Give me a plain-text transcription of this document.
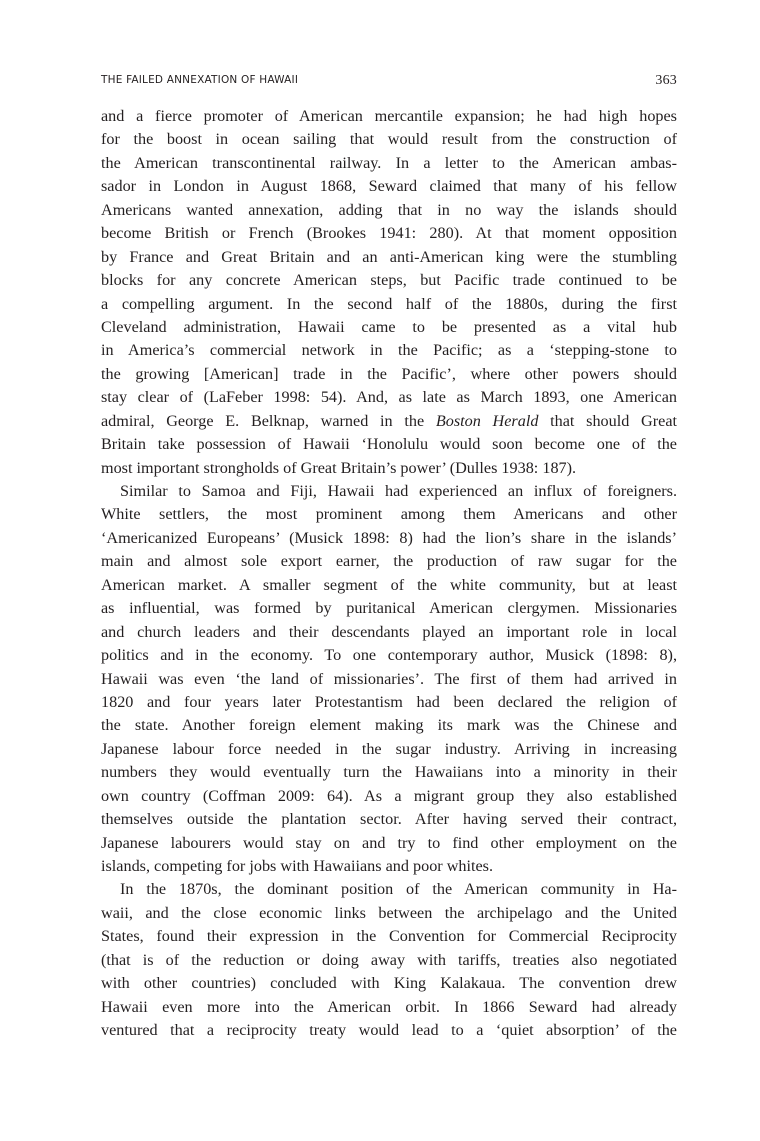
THE FAILED ANNEXATION OF HAWAII	363
and a fierce promoter of American mercantile expansion; he had high hopes
for the boost in ocean sailing that would result from the construction of
the American transcontinental railway. In a letter to the American ambas-
sador in London in August 1868, Seward claimed that many of his fellow
Americans wanted annexation, adding that in no way the islands should
become British or French (Brookes 1941: 280). At that moment opposition
by France and Great Britain and an anti-American king were the stumbling
blocks for any concrete American steps, but Pacific trade continued to be
a compelling argument. In the second half of the 1880s, during the first
Cleveland administration, Hawaii came to be presented as a vital hub
in America’s commercial network in the Pacific; as a ‘stepping-stone to
the growing [American] trade in the Pacific’, where other powers should
stay clear of (LaFeber 1998: 54). And, as late as March 1893, one American
admiral, George E. Belknap, warned in the Boston Herald that should Great
Britain take possession of Hawaii ‘Honolulu would soon become one of the
most important strongholds of Great Britain’s power’ (Dulles 1938: 187).
Similar to Samoa and Fiji, Hawaii had experienced an influx of foreigners.
White settlers, the most prominent among them Americans and other
‘Americanized Europeans’ (Musick 1898: 8) had the lion’s share in the islands’
main and almost sole export earner, the production of raw sugar for the
American market. A smaller segment of the white community, but at least
as influential, was formed by puritanical American clergymen. Missionaries
and church leaders and their descendants played an important role in local
politics and in the economy. To one contemporary author, Musick (1898: 8),
Hawaii was even ‘the land of missionaries’. The first of them had arrived in
1820 and four years later Protestantism had been declared the religion of
the state. Another foreign element making its mark was the Chinese and
Japanese labour force needed in the sugar industry. Arriving in increasing
numbers they would eventually turn the Hawaiians into a minority in their
own country (Coffman 2009: 64). As a migrant group they also established
themselves outside the plantation sector. After having served their contract,
Japanese labourers would stay on and try to find other employment on the
islands, competing for jobs with Hawaiians and poor whites.
In the 1870s, the dominant position of the American community in Ha-
waii, and the close economic links between the archipelago and the United
States, found their expression in the Convention for Commercial Reciprocity
(that is of the reduction or doing away with tariffs, treaties also negotiated
with other countries) concluded with King Kalakaua. The convention drew
Hawaii even more into the American orbit. In 1866 Seward had already
ventured that a reciprocity treaty would lead to a ‘quiet absorption’ of the
